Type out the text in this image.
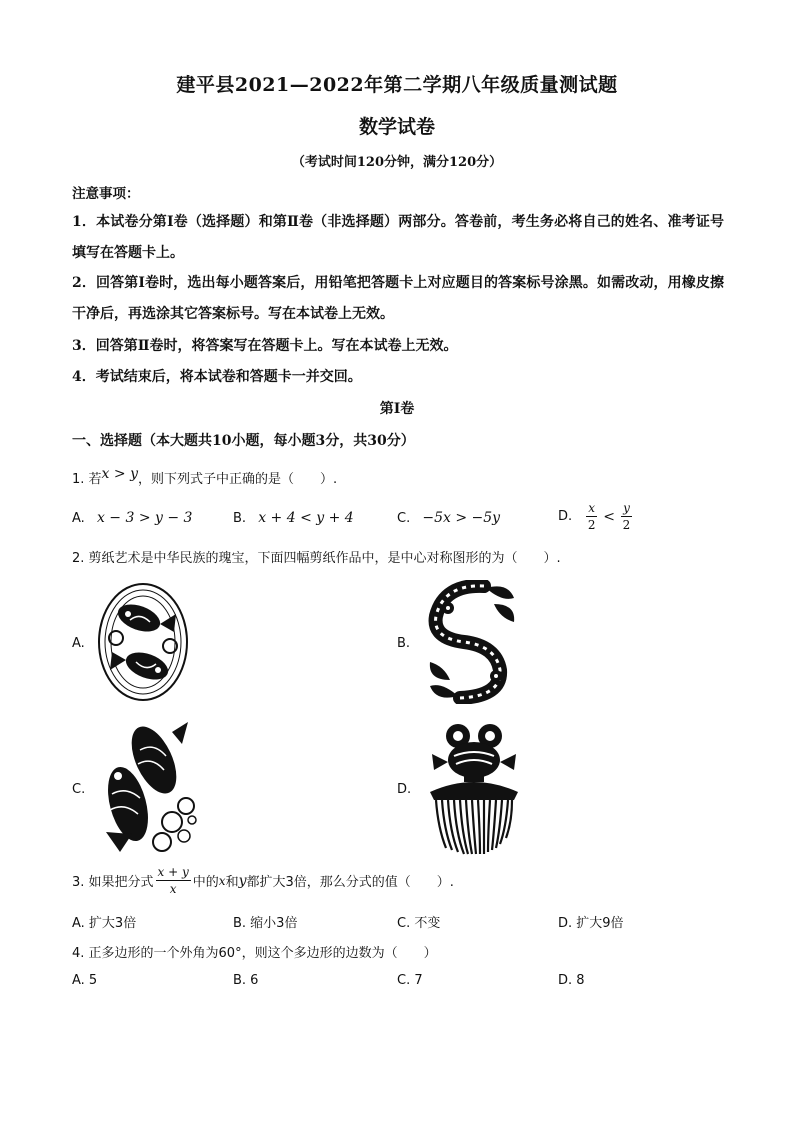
建平县2021—2022年第二学期八年级质量测试题
数学试卷
（考试时间120分钟，满分120分）
注意事项：
1．本试卷分第Ⅰ卷（选择题）和第Ⅱ卷（非选择题）两部分。答卷前，考生务必将自己的姓名、准考证号填写在答题卡上。
2．回答第Ⅰ卷时，选出每小题答案后，用铅笔把答题卡上对应题目的答案标号涂黑。如需改动，用橡皮擦干净后，再选涂其它答案标号。写在本试卷上无效。
3．回答第Ⅱ卷时，将答案写在答题卡上。写在本试卷上无效。
4．考试结束后，将本试卷和答题卡一并交回。
第Ⅰ卷
一、选择题（本大题共10小题，每小题3分，共30分）
1. 若x > y，则下列式子中正确的是（　　）.
A. x − 3 > y − 3	B. x + 4 < y + 4	C. −5x > −5y	D. $\frac{x}{2} < \frac{y}{2}$
2. 剪纸艺术是中华民族的瑰宝，下面四幅剪纸作品中，是中心对称图形的为（　　）.
A.	B.
C.	D.
3. 如果把分式 $\frac{x + y}{x}$ 中的 x 和 y 都扩大3倍，那么分式的值（　　）.
A. 扩大3倍	B. 缩小3倍	C. 不变	D. 扩大9倍
4. 正多边形的一个外角为60°，则这个多边形的边数为（　　）
A. 5	B. 6	C. 7	D. 8
